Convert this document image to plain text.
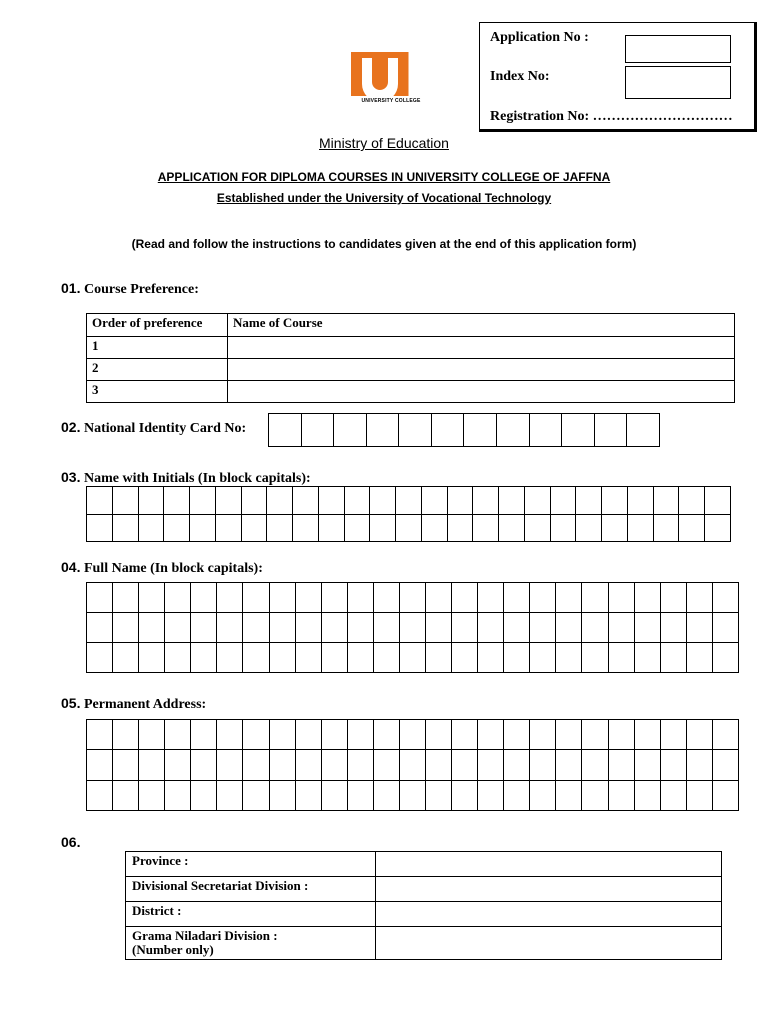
Application No :
Index No:
Registration No: …………………………
UNIVERSITY COLLEGE
Ministry of Education
APPLICATION FOR DIPLOMA COURSES IN UNIVERSITY COLLEGE OF JAFFNA
Established under the University of Vocational Technology
(Read and follow the instructions to candidates given at the end of this application form)
01. Course Preference:
Order of preference	Name of Course
1	
2	
3	
02. National Identity Card No:

03. Name with Initials (In block capitals):

04. Full Name (In block capitals):

05. Permanent Address:

06.
Province :	
Divisional Secretariat Division :	
District :	

Grama Niladari Division :
(Number only)	
